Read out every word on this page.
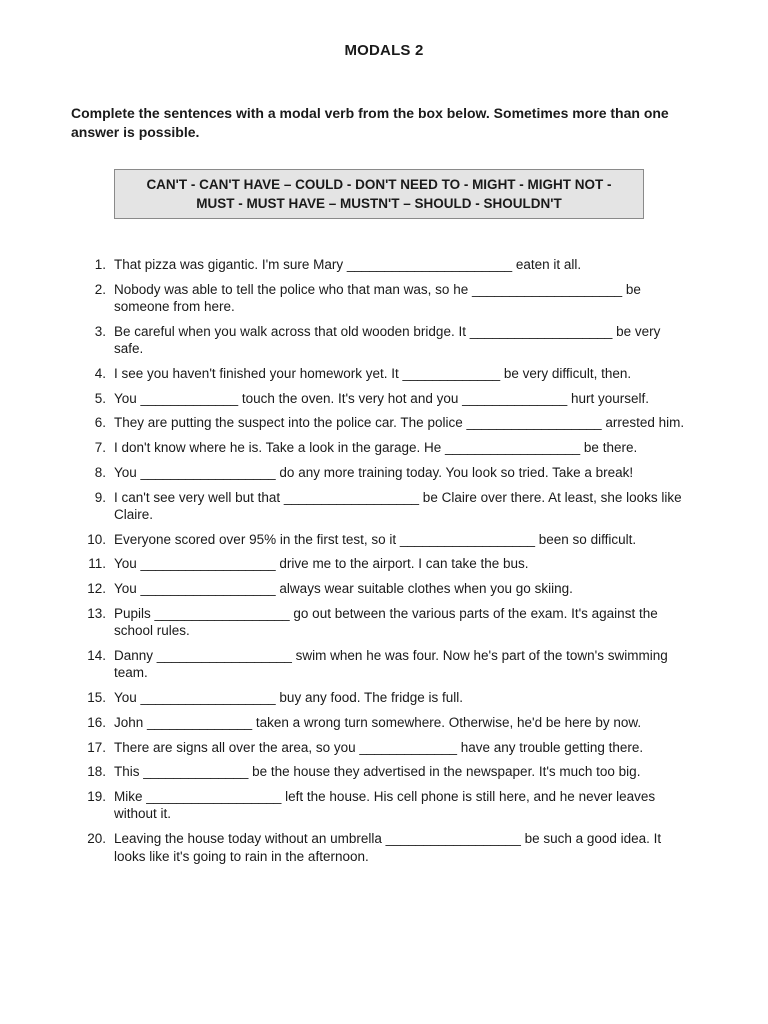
MODALS 2
Complete the sentences with a modal verb from the box below. Sometimes more than one answer is possible.
CAN'T - CAN'T HAVE – COULD - DON'T NEED TO - MIGHT - MIGHT NOT -
MUST - MUST HAVE – MUSTN'T – SHOULD - SHOULDN'T
1. That pizza was gigantic. I'm sure Mary ______________________ eaten it all.
2. Nobody was able to tell the police who that man was, so he ____________________ be someone from here.
3. Be careful when you walk across that old wooden bridge. It ___________________ be very safe.
4. I see you haven't finished your homework yet. It _____________ be very difficult, then.
5. You _____________ touch the oven. It's very hot and you ______________ hurt yourself.
6. They are putting the suspect into the police car. The police __________________ arrested him.
7. I don't know where he is. Take a look in the garage. He __________________ be there.
8. You __________________ do any more training today. You look so tried. Take a break!
9. I can't see very well but that __________________ be Claire over there. At least, she looks like Claire.
10. Everyone scored over 95% in the first test, so it __________________ been so difficult.
11. You __________________ drive me to the airport. I can take the bus.
12. You __________________ always wear suitable clothes when you go skiing.
13. Pupils __________________ go out between the various parts of the exam. It's against the school rules.
14. Danny __________________ swim when he was four. Now he's part of the town's swimming team.
15. You __________________ buy any food. The fridge is full.
16. John ______________ taken a wrong turn somewhere. Otherwise, he'd be here by now.
17. There are signs all over the area, so you _____________ have any trouble getting there.
18. This ______________ be the house they advertised in the newspaper. It's much too big.
19. Mike __________________ left the house. His cell phone is still here, and he never leaves without it.
20. Leaving the house today without an umbrella __________________ be such a good idea. It looks like it's going to rain in the afternoon.
